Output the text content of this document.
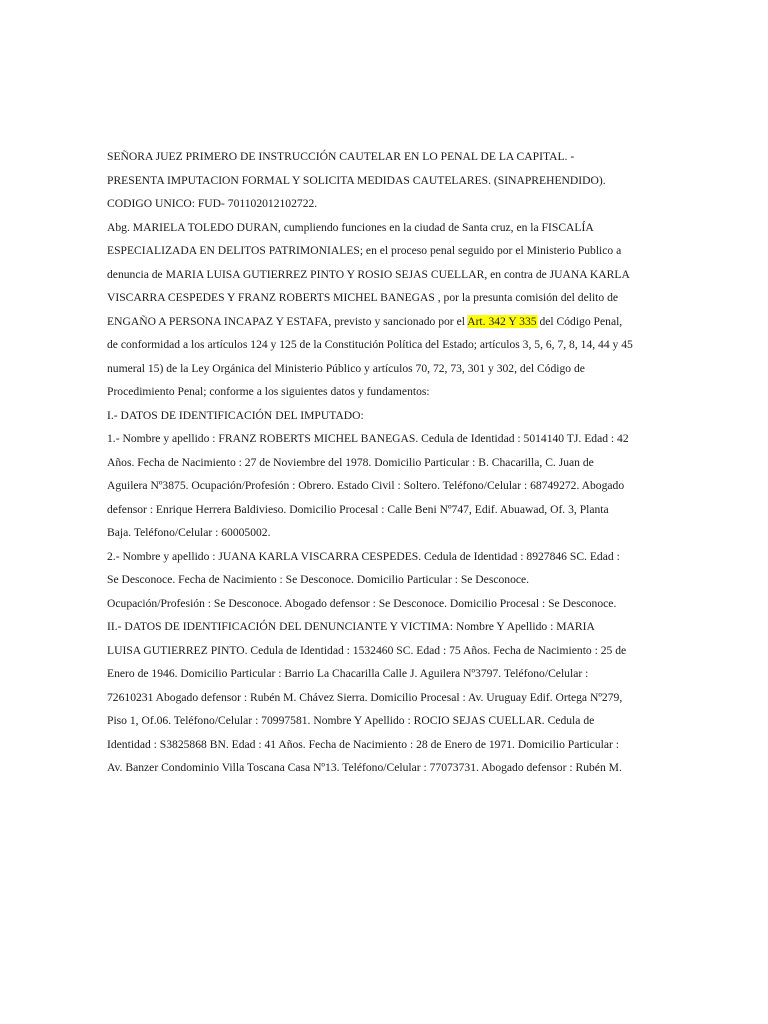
SEÑORA JUEZ PRIMERO DE INSTRUCCIÓN CAUTELAR EN LO PENAL DE LA CAPITAL. -
PRESENTA IMPUTACION FORMAL Y SOLICITA MEDIDAS CAUTELARES. (SINAPREHENDIDO).
CODIGO UNICO: FUD- 701102012102722.
Abg. MARIELA TOLEDO DURAN, cumpliendo funciones en la ciudad de Santa cruz, en la FISCALÍA
ESPECIALIZADA EN DELITOS PATRIMONIALES; en el proceso penal seguido por el Ministerio Publico a
denuncia de MARIA LUISA GUTIERREZ PINTO Y ROSIO SEJAS CUELLAR, en contra de JUANA KARLA
VISCARRA CESPEDES Y FRANZ ROBERTS MICHEL BANEGAS , por la presunta comisión del delito de
ENGAÑO A PERSONA INCAPAZ Y ESTAFA, previsto y sancionado por el Art. 342 Y 335 del Código Penal,
de conformidad a los artículos 124 y 125 de la Constitución Política del Estado; artículos 3, 5, 6, 7, 8, 14, 44 y 45
numeral 15) de la Ley Orgánica del Ministerio Público y artículos 70, 72, 73, 301 y 302, del Código de
Procedimiento Penal; conforme a los siguientes datos y fundamentos:
I.- DATOS DE IDENTIFICACIÓN DEL IMPUTADO:
1.- Nombre y apellido : FRANZ ROBERTS MICHEL BANEGAS. Cedula de Identidad : 5014140 TJ. Edad : 42
Años. Fecha de Nacimiento : 27 de Noviembre del 1978. Domicilio Particular : B. Chacarilla, C. Juan de
Aguilera Nº3875. Ocupación/Profesión : Obrero. Estado Civil : Soltero. Teléfono/Celular : 68749272. Abogado
defensor : Enrique Herrera Baldivieso. Domicilio Procesal : Calle Beni Nº747, Edif. Abuawad, Of. 3, Planta
Baja. Teléfono/Celular : 60005002.
2.- Nombre y apellido : JUANA KARLA VISCARRA CESPEDES. Cedula de Identidad : 8927846 SC. Edad :
Se Desconoce. Fecha de Nacimiento : Se Desconoce. Domicilio Particular : Se Desconoce.
Ocupación/Profesión : Se Desconoce. Abogado defensor : Se Desconoce. Domicilio Procesal : Se Desconoce.
II.- DATOS DE IDENTIFICACIÓN DEL DENUNCIANTE Y VICTIMA: Nombre Y Apellido : MARIA
LUISA GUTIERREZ PINTO. Cedula de Identidad : 1532460 SC. Edad : 75 Años. Fecha de Nacimiento : 25 de
Enero de 1946. Domicilio Particular : Barrio La Chacarilla Calle J. Aguilera Nº3797. Teléfono/Celular :
72610231 Abogado defensor : Rubén M. Chávez Sierra. Domicilio Procesal : Av. Uruguay Edif. Ortega Nº279,
Piso 1, Of.06. Teléfono/Celular : 70997581. Nombre Y Apellido : ROCIO SEJAS CUELLAR. Cedula de
Identidad : S3825868 BN. Edad : 41 Años. Fecha de Nacimiento : 28 de Enero de 1971. Domicilio Particular :
Av. Banzer Condominio Villa Toscana Casa Nº13. Teléfono/Celular : 77073731. Abogado defensor : Rubén M.
